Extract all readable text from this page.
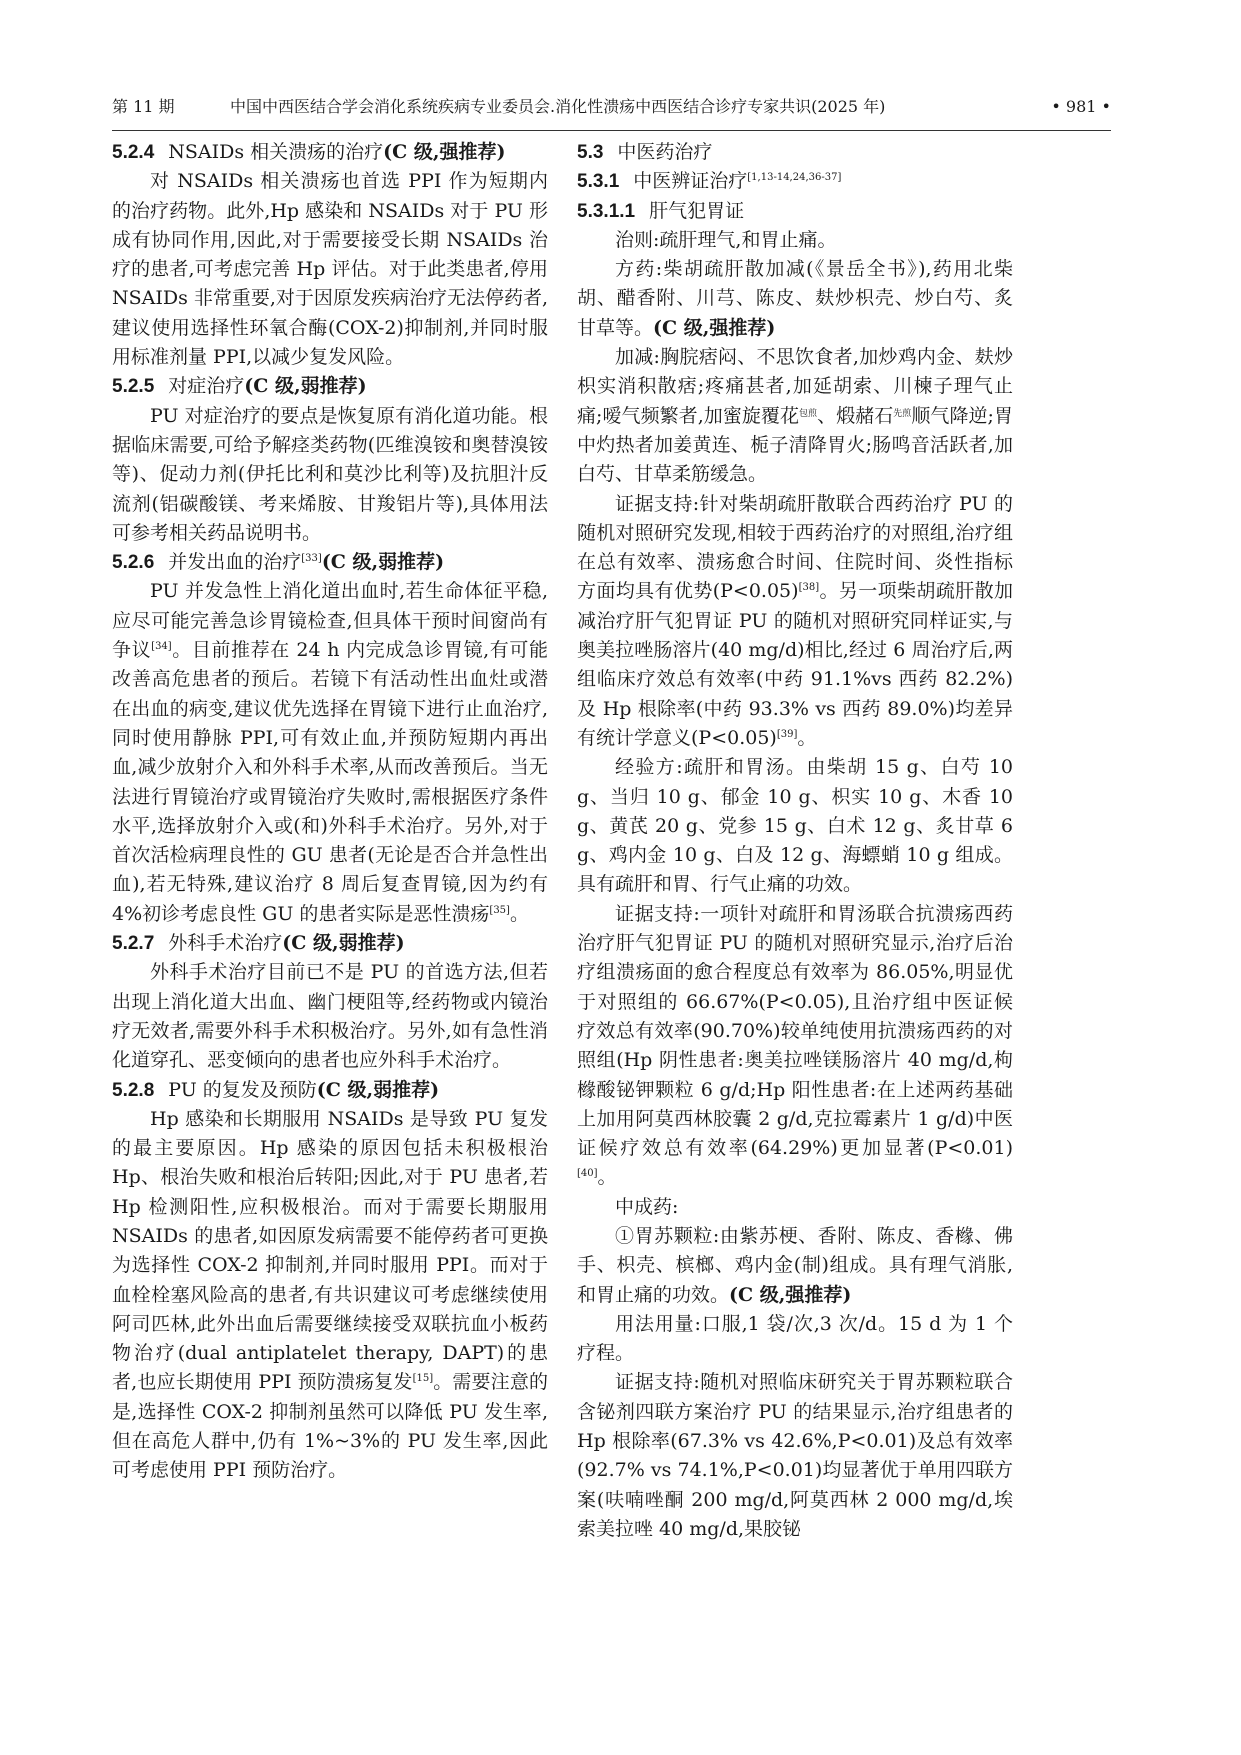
第 11 期	中国中西医结合学会消化系统疾病专业委员会.消化性溃疡中西医结合诊疗专家共识(2025 年)	• 981 •
5.2.4 NSAIDs 相关溃疡的治疗(C 级,强推荐)

对 NSAIDs 相关溃疡也首选 PPI 作为短期内的治疗药物。此外,Hp 感染和 NSAIDs 对于 PU 形成有协同作用,因此,对于需要接受长期 NSAIDs 治疗的患者,可考虑完善 Hp 评估。对于此类患者,停用 NSAIDs 非常重要,对于因原发疾病治疗无法停药者,建议使用选择性环氧合酶(COX-2)抑制剂,并同时服用标准剂量 PPI,以减少复发风险。

5.2.5 对症治疗(C 级,弱推荐)

PU 对症治疗的要点是恢复原有消化道功能。根据临床需要,可给予解痉类药物(匹维溴铵和奥替溴铵等)、促动力剂(伊托比利和莫沙比利等)及抗胆汁反流剂(铝碳酸镁、考来烯胺、甘羧铝片等),具体用法可参考相关药品说明书。

5.2.6 并发出血的治疗[33](C 级,弱推荐)

PU 并发急性上消化道出血时,若生命体征平稳,应尽可能完善急诊胃镜检查,但具体干预时间窗尚有争议[34]。目前推荐在 24 h 内完成急诊胃镜,有可能改善高危患者的预后。若镜下有活动性出血灶或潜在出血的病变,建议优先选择在胃镜下进行止血治疗,同时使用静脉 PPI,可有效止血,并预防短期内再出血,减少放射介入和外科手术率,从而改善预后。当无法进行胃镜治疗或胃镜治疗失败时,需根据医疗条件水平,选择放射介入或(和)外科手术治疗。另外,对于首次活检病理良性的 GU 患者(无论是否合并急性出血),若无特殊,建议治疗 8 周后复查胃镜,因为约有 4%初诊考虑良性 GU 的患者实际是恶性溃疡[35]。

5.2.7 外科手术治疗(C 级,弱推荐)

外科手术治疗目前已不是 PU 的首选方法,但若出现上消化道大出血、幽门梗阻等,经药物或内镜治疗无效者,需要外科手术积极治疗。另外,如有急性消化道穿孔、恶变倾向的患者也应外科手术治疗。

5.2.8 PU 的复发及预防(C 级,弱推荐)

Hp 感染和长期服用 NSAIDs 是导致 PU 复发的最主要原因。Hp 感染的原因包括未积极根治 Hp、根治失败和根治后转阳;因此,对于 PU 患者,若 Hp 检测阳性,应积极根治。而对于需要长期服用 NSAIDs 的患者,如因原发病需要不能停药者可更换为选择性 COX-2 抑制剂,并同时服用 PPI。而对于血栓栓塞风险高的患者,有共识建议可考虑继续使用阿司匹林,此外出血后需要继续接受双联抗血小板药物治疗(dual antiplatelet therapy, DAPT)的患者,也应长期使用 PPI 预防溃疡复发[15]。需要注意的是,选择性 COX-2 抑制剂虽然可以降低 PU 发生率,但在高危人群中,仍有 1%~3%的 PU 发生率,因此可考虑使用 PPI 预防治疗。

5.3 中医药治疗
5.3.1 中医辨证治疗[1,13-14,24,36-37]
5.3.1.1 肝气犯胃证

治则:疏肝理气,和胃止痛。

方药:柴胡疏肝散加减(《景岳全书》),药用北柴胡、醋香附、川芎、陈皮、麸炒枳壳、炒白芍、炙甘草等。(C 级,强推荐)

加减:胸脘痞闷、不思饮食者,加炒鸡内金、麸炒枳实消积散痞;疼痛甚者,加延胡索、川楝子理气止痛;嗳气频繁者,加蜜旋覆花$^{包煎}$、煅赭石$^{先煎}$顺气降逆;胃中灼热者加姜黄连、栀子清降胃火;肠鸣音活跃者,加白芍、甘草柔筋缓急。

证据支持:针对柴胡疏肝散联合西药治疗 PU 的随机对照研究发现,相较于西药治疗的对照组,治疗组在总有效率、溃疡愈合时间、住院时间、炎性指标方面均具有优势(P<0.05)[38]。另一项柴胡疏肝散加减治疗肝气犯胃证 PU 的随机对照研究同样证实,与奥美拉唑肠溶片(40 mg/d)相比,经过 6 周治疗后,两组临床疗效总有效率(中药 91.1%vs 西药 82.2%)及 Hp 根除率(中药 93.3% vs 西药 89.0%)均差异有统计学意义(P<0.05)[39]。

经验方:疏肝和胃汤。由柴胡 15 g、白芍 10 g、当归 10 g、郁金 10 g、枳实 10 g、木香 10 g、黄芪 20 g、党参 15 g、白术 12 g、炙甘草 6 g、鸡内金 10 g、白及 12 g、海螵蛸 10 g 组成。具有疏肝和胃、行气止痛的功效。

证据支持:一项针对疏肝和胃汤联合抗溃疡西药治疗肝气犯胃证 PU 的随机对照研究显示,治疗后治疗组溃疡面的愈合程度总有效率为 86.05%,明显优于对照组的 66.67%(P<0.05),且治疗组中医证候疗效总有效率(90.70%)较单纯使用抗溃疡西药的对照组(Hp 阴性患者:奥美拉唑镁肠溶片 40 mg/d,枸橼酸铋钾颗粒 6 g/d;Hp 阳性患者:在上述两药基础上加用阿莫西林胶囊 2 g/d,克拉霉素片 1 g/d)中医证候疗效总有效率(64.29%)更加显著(P<0.01)[40]。

中成药:

①胃苏颗粒:由紫苏梗、香附、陈皮、香橼、佛手、枳壳、槟榔、鸡内金(制)组成。具有理气消胀,和胃止痛的功效。(C 级,强推荐)

用法用量:口服,1 袋/次,3 次/d。15 d 为 1 个疗程。

证据支持:随机对照临床研究关于胃苏颗粒联合含铋剂四联方案治疗 PU 的结果显示,治疗组患者的 Hp 根除率(67.3% vs 42.6%,P<0.01)及总有效率(92.7% vs 74.1%,P<0.01)均显著优于单用四联方案(呋喃唑酮 200 mg/d,阿莫西林 2 000 mg/d,埃索美拉唑 40 mg/d,果胶铋
